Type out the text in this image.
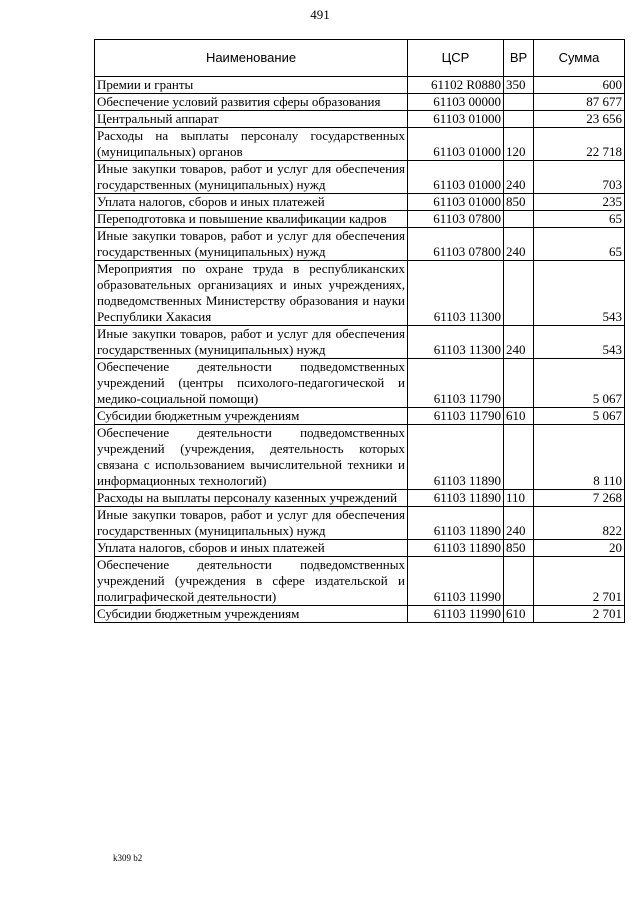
491
Наименование	ЦСР	ВР	Сумма
Премии и гранты	61102 R0880	350	600
Обеспечение условий развития сферы образования	61103 00000		87 677
Центральный аппарат	61103 01000		23 656
Расходы на выплаты персоналу государственных (муниципальных) органов	61103 01000	120	22 718
Иные закупки товаров, работ и услуг для обеспечения государственных (муниципальных) нужд	61103 01000	240	703
Уплата налогов, сборов и иных платежей	61103 01000	850	235
Переподготовка и повышение квалификации кадров	61103 07800		65
Иные закупки товаров, работ и услуг для обеспечения государственных (муниципальных) нужд	61103 07800	240	65
Мероприятия по охране труда в республиканских образовательных организациях и иных учреждениях, подведомственных Министерству образования и науки Республики Хакасия	61103 11300		543
Иные закупки товаров, работ и услуг для обеспечения государственных (муниципальных) нужд	61103 11300	240	543
Обеспечение деятельности подведомственных учреждений (центры психолого-педагогической и медико-социальной помощи)	61103 11790		5 067
Субсидии бюджетным учреждениям	61103 11790	610	5 067
Обеспечение деятельности подведомственных учреждений (учреждения, деятельность которых связана с использованием вычислительной техники и информационных технологий)	61103 11890		8 110
Расходы на выплаты персоналу казенных учреждений	61103 11890	110	7 268
Иные закупки товаров, работ и услуг для обеспечения государственных (муниципальных) нужд	61103 11890	240	822
Уплата налогов, сборов и иных платежей	61103 11890	850	20
Обеспечение деятельности подведомственных учреждений (учреждения в сфере издательской и полиграфической деятельности)	61103 11990		2 701
Субсидии бюджетным учреждениям	61103 11990	610	2 701
k309 b2
